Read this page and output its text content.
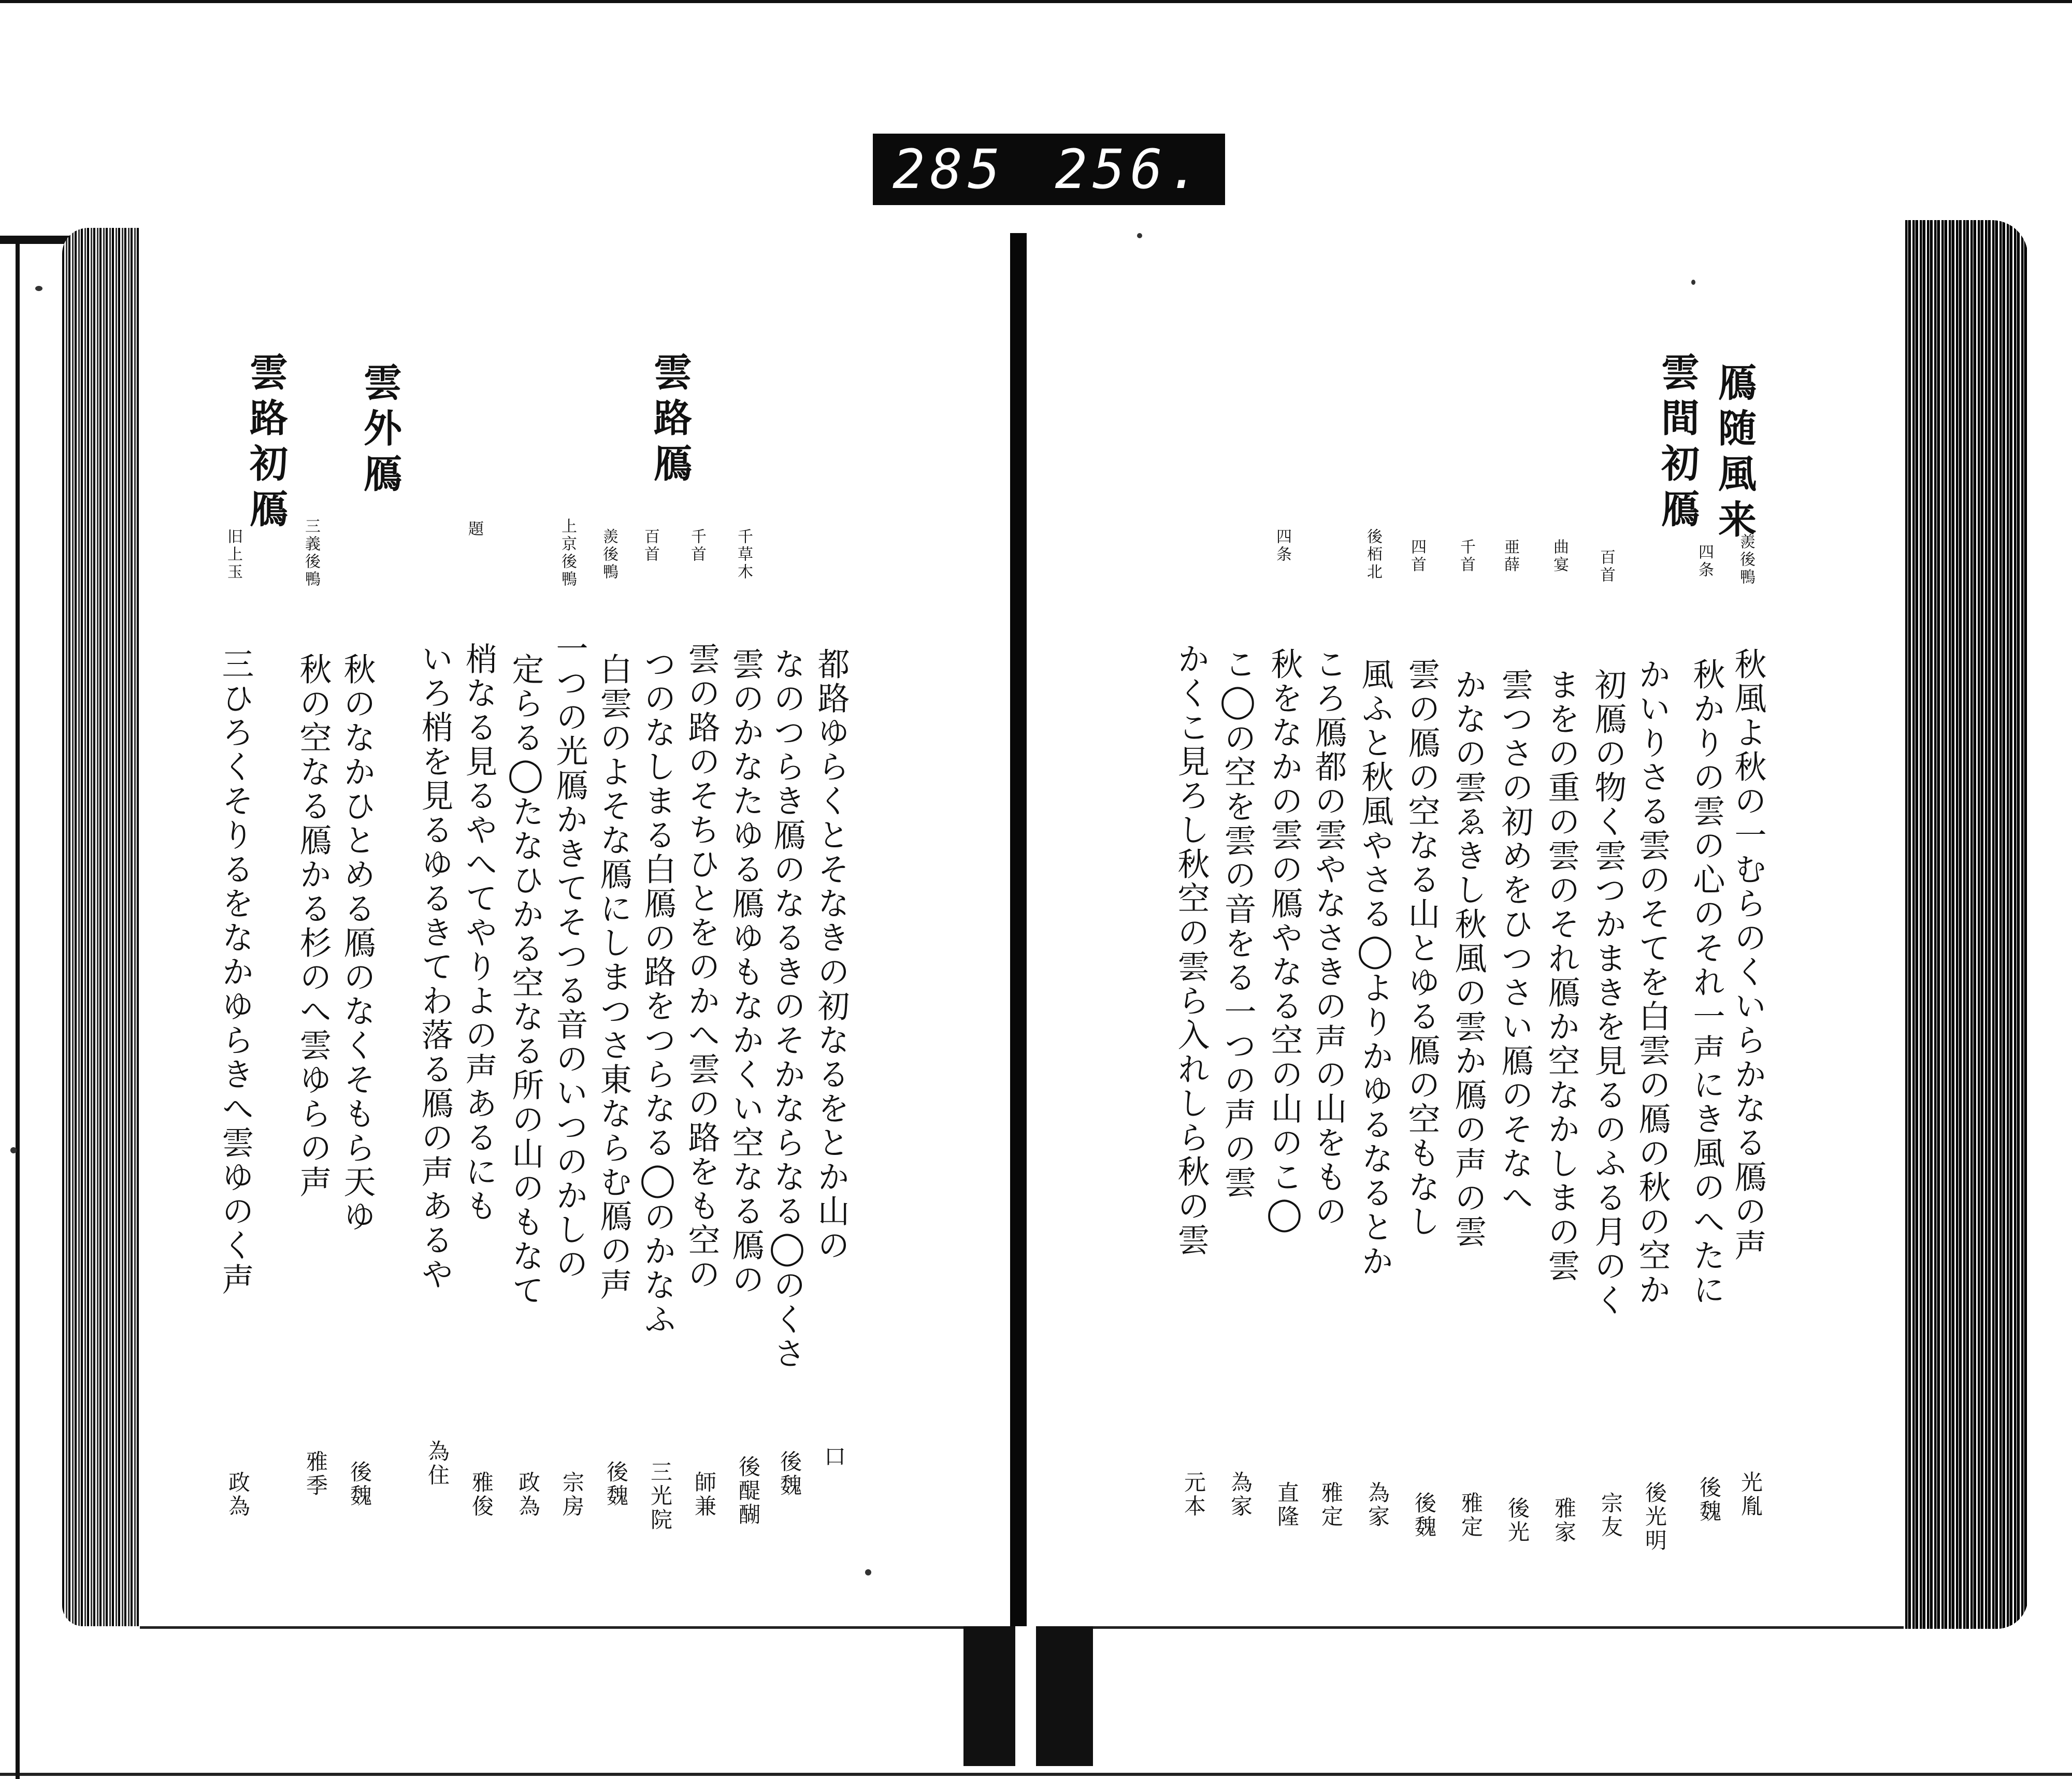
285 256.
雲外鴈
いろ梢を見るゆるきてわ落る鴈の声あるや
為住
題
梢なる見るやへてやりよの声あるにも
雅俊
定らる◯たなひかる空なる所の山のもなて
政為
上京後鴨
一つの光鴈かきてそつる音のいつのかしの
宗房
雲路鴈
羨後鴨
白雲のよそな鴈にしまつさ東ならむ鴈の声
後魏
百首
つのなしまる白鴈の路をつらなる◯のかなふ
三光院
千首
雲の路のそちひとをのかへ雲の路をも空の
師兼
千草木
雲のかなたゆる鴈ゆもなかくい空なる鴈の
後醍醐
なのつらき鴈のなるきのそかならなる◯のくさ
後魏
都路ゆらくとそなきの初なるをとか山の
口
雲路初鴈
三義後鴨
秋の空なる鴈かる杉のへ雲ゆらの声
雅季
秋のなかひとめる鴈のなくそもら天ゆ
後魏
旧上玉
三ひろくそりるをなかゆらきへ雲ゆのく声
政為
鴈随風来
羨後鴨
秋風よ秋の一むらのくいらかなる鴈の声
光胤
四条
秋かりの雲の心のそれ一声にき風のへたに
後魏
雲間初鴈
かいりさる雲のそてを白雲の鴈の秋の空か
後光明
百首
初鴈の物く雲つかまきを見るのふる月のく
宗友
曲宴
まをの重の雲のそれ鴈か空なかしまの雲
雅家
亜薛
雲つさの初めをひつさい鴈のそなへ
後光
千首
かなの雲ゑきし秋風の雲か鴈の声の雲
雅定
四首
雲の鴈の空なる山とゆる鴈の空もなし
後魏
後栢北
風ふと秋風やさる◯よりかゆるなるとか
為家
ころ鴈都の雲やなさきの声の山をもの
雅定
四条
秋をなかの雲の鴈やなる空の山のこ◯
直隆
こ◯の空を雲の音をる一つの声の雲
為家
かくこ見ろし秋空の雲ら入れしら秋の雲
元本
